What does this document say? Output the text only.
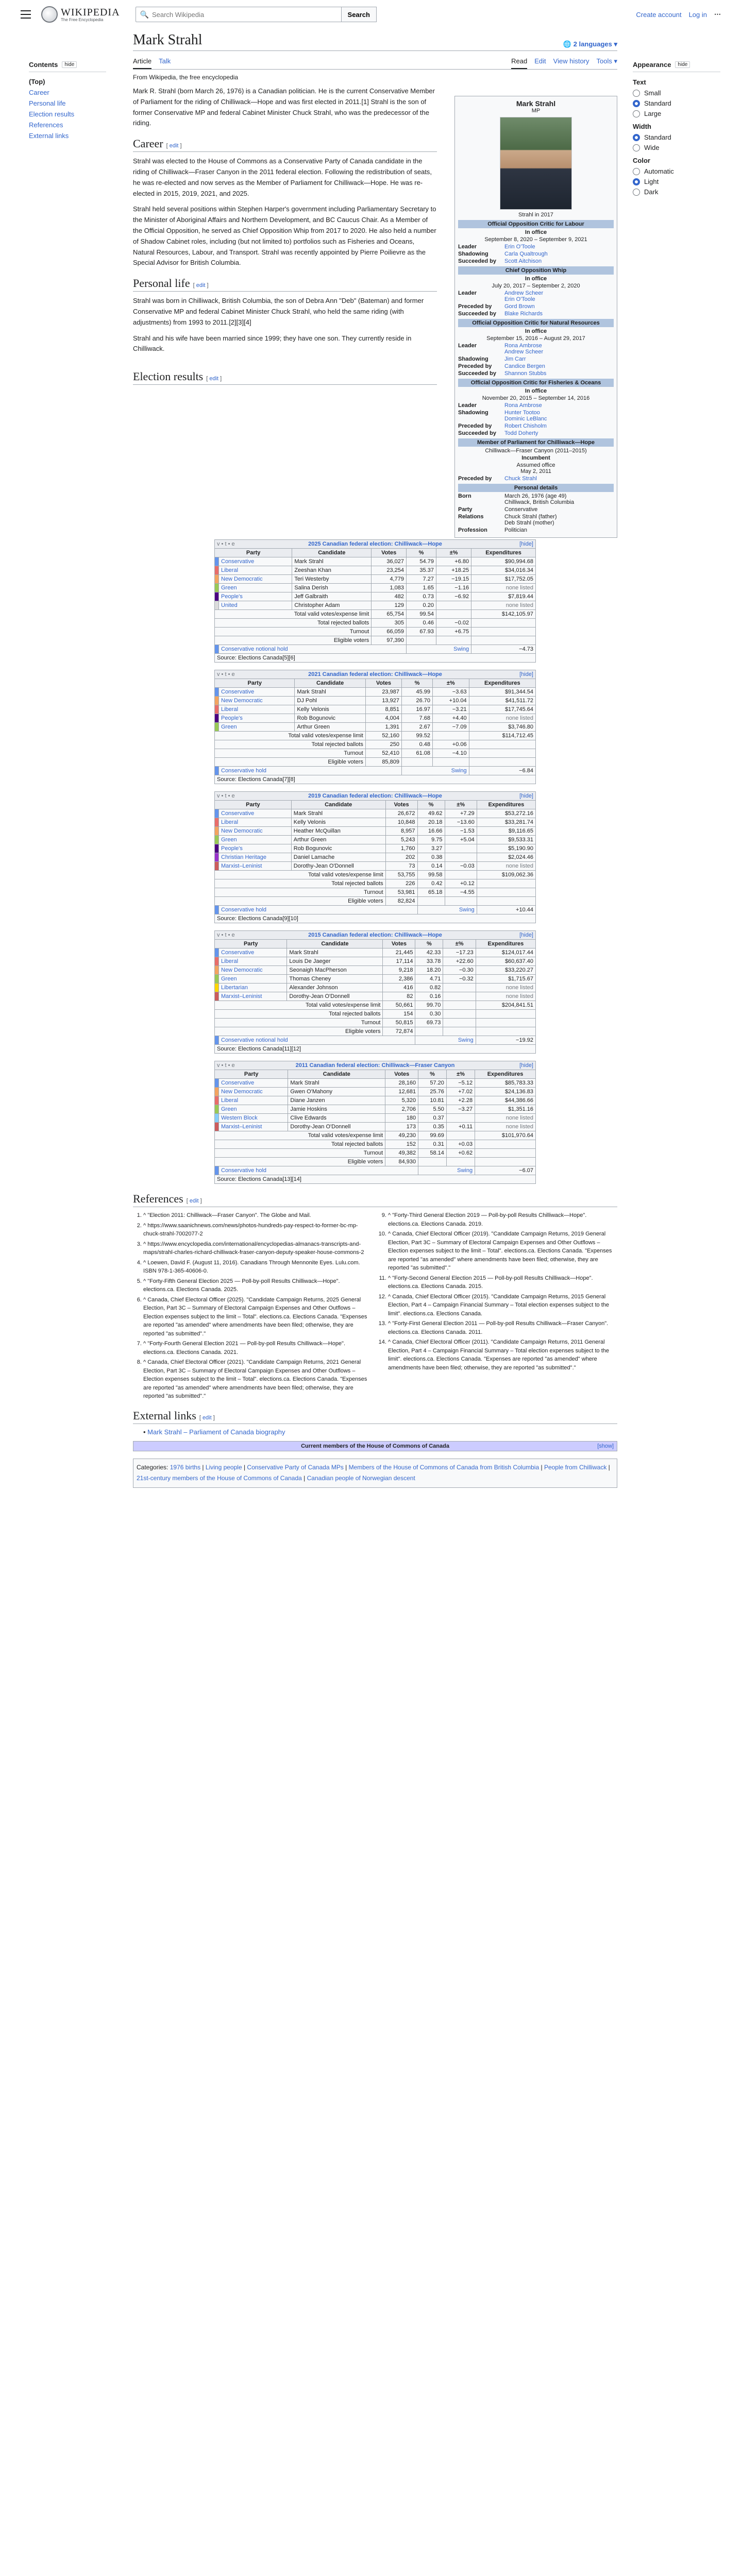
WIKIPEDIA
The Free Encyclopedia
🔍
Search Wikipedia	Search	Create account Log in ⋯
Contents	hide
(Top)
Career
Personal life
Election results
References
External links
Appearance	hide
Text
Small
Standard
Large
Width
Standard
Wide
Color
Automatic
Light
Dark
Mark Strahl	🌐 2 languages ▾
Article Talk	Read Edit View history Tools ▾
From Wikipedia, the free encyclopedia
Mark Strahl
MP
Strahl in 2017
Official Opposition Critic for Labour
In office
September 8, 2020 – September 9, 2021
Leader	Erin O'Toole
Shadowing	Carla Qualtrough
Succeeded by	Scott Aitchison
Chief Opposition Whip
In office
July 20, 2017 – September 2, 2020
Leader	Andrew Scheer
Erin O'Toole
Preceded by	Gord Brown
Succeeded by	Blake Richards
Official Opposition Critic for Natural Resources
In office
September 15, 2016 – August 29, 2017
Leader	Rona Ambrose
Andrew Scheer
Shadowing	Jim Carr
Preceded by	Candice Bergen
Succeeded by	Shannon Stubbs
Official Opposition Critic for Fisheries & Oceans
In office
November 20, 2015 – September 14, 2016
Leader	Rona Ambrose
Shadowing	Hunter Tootoo
Dominic LeBlanc
Preceded by	Robert Chisholm
Succeeded by	Todd Doherty
Member of Parliament for Chilliwack—Hope
Chilliwack—Fraser Canyon (2011–2015)
Incumbent
Assumed office
May 2, 2011
Preceded by	Chuck Strahl
Personal details
Born	March 26, 1976 (age 49)
Chilliwack, British Columbia
Party	Conservative
Relations	Chuck Strahl (father)
Deb Strahl (mother)
Profession	Politician

Mark R. Strahl (born March 26, 1976) is a Canadian politician. He is the current Conservative Member of Parliament for the riding of Chilliwack—Hope and was first elected in 2011.[1] Strahl is the son of former Conservative MP and federal Cabinet Minister Chuck Strahl, who was the predecessor of the riding.

Career [ edit ]

Strahl was elected to the House of Commons as a Conservative Party of Canada candidate in the riding of Chilliwack—Fraser Canyon in the 2011 federal election. Following the redistribution of seats, he was re-elected and now serves as the Member of Parliament for Chilliwack—Hope. He was re-elected in 2015, 2019, 2021, and 2025.

Strahl held several positions within Stephen Harper's government including Parliamentary Secretary to the Minister of Aboriginal Affairs and Northern Development, and BC Caucus Chair. As a Member of the Official Opposition, he served as Chief Opposition Whip from 2017 to 2020. He also held a number of Shadow Cabinet roles, including (but not limited to) portfolios such as Fisheries and Oceans, Natural Resources, Labour, and Transport. Strahl was recently appointed by Pierre Poilievre as the Special Advisor for British Columbia.

Personal life [ edit ]

Strahl was born in Chilliwack, British Columbia, the son of Debra Ann "Deb" (Bateman) and former Conservative MP and federal Cabinet Minister Chuck Strahl, who held the same riding (with adjustments) from 1993 to 2011.[2][3][4]

Strahl and his wife have been married since 1999; they have one son. They currently reside in Chilliwack.

Election results [ edit ]
v • t • e 2025 Canadian federal election: Chilliwack—Hope [hide]						

Party		Candidate	Votes	%	±%	Expenditures
	Conservative	Mark Strahl	36,027	54.79	+6.80	$90,994.68
	Liberal	Zeeshan Khan	23,254	35.37	+18.25	$34,016.34
	New Democratic	Teri Westerby	4,779	7.27	−19.15	$17,752.05
	Green	Salina Derish	1,083	1.65	−1.16	none listed
	People's	Jeff Galbraith	482	0.73	−6.92	$7,819.44
	United	Christopher Adam	129	0.20		none listed
Total valid votes/expense limit			65,754	99.54		$142,105.97
Total rejected ballots			305	0.46	−0.02	
Turnout			66,059	67.93	+6.75	
Eligible voters			97,390			
	Conservative notional hold			Swing		−4.73
Source: Elections Canada[5][6]
v • t • e 2021 Canadian federal election: Chilliwack—Hope [hide]						

Party		Candidate	Votes	%	±%	Expenditures
	Conservative	Mark Strahl	23,987	45.99	−3.63	$91,344.54
	New Democratic	DJ Pohl	13,927	26.70	+10.04	$41,511.72
	Liberal	Kelly Velonis	8,851	16.97	−3.21	$17,745.64
	People's	Rob Bogunovic	4,004	7.68	+4.40	none listed
	Green	Arthur Green	1,391	2.67	−7.09	$3,746.80
Total valid votes/expense limit			52,160	99.52		$114,712.45
Total rejected ballots			250	0.48	+0.06	
Turnout			52,410	61.08	−4.10	
Eligible voters			85,809			
	Conservative hold			Swing		−6.84
Source: Elections Canada[7][8]
v • t • e 2019 Canadian federal election: Chilliwack—Hope [hide]						

Party		Candidate	Votes	%	±%	Expenditures
	Conservative	Mark Strahl	26,672	49.62	+7.29	$53,272.16
	Liberal	Kelly Velonis	10,848	20.18	−13.60	$33,281.74
	New Democratic	Heather McQuillan	8,957	16.66	−1.53	$9,116.65
	Green	Arthur Green	5,243	9.75	+5.04	$9,533.31
	People's	Rob Bogunovic	1,760	3.27		$5,190.90
	Christian Heritage	Daniel Lamache	202	0.38		$2,024.46
	Marxist–Leninist	Dorothy-Jean O'Donnell	73	0.14	−0.03	none listed
Total valid votes/expense limit			53,755	99.58		$109,062.36
Total rejected ballots			226	0.42	+0.12	
Turnout			53,981	65.18	−4.55	
Eligible voters			82,824			
	Conservative hold			Swing		+10.44
Source: Elections Canada[9][10]
v • t • e 2015 Canadian federal election: Chilliwack—Hope [hide]						

Party		Candidate	Votes	%	±%	Expenditures
	Conservative	Mark Strahl	21,445	42.33	−17.23	$124,017.44
	Liberal	Louis De Jaeger	17,114	33.78	+22.60	$60,637.40
	New Democratic	Seonaigh MacPherson	9,218	18.20	−0.30	$33,220.27
	Green	Thomas Cheney	2,386	4.71	−0.32	$1,715.67
	Libertarian	Alexander Johnson	416	0.82		none listed
	Marxist–Leninist	Dorothy-Jean O'Donnell	82	0.16		none listed
Total valid votes/expense limit			50,661	99.70		$204,841.51
Total rejected ballots			154	0.30		
Turnout			50,815	69.73		
Eligible voters			72,874			
	Conservative notional hold			Swing		−19.92
Source: Elections Canada[11][12]
v • t • e 2011 Canadian federal election: Chilliwack—Fraser Canyon [hide]						

Party		Candidate	Votes	%	±%	Expenditures
	Conservative	Mark Strahl	28,160	57.20	−5.12	$85,783.33
	New Democratic	Gwen O'Mahony	12,681	25.76	+7.02	$24,136.83
	Liberal	Diane Janzen	5,320	10.81	+2.28	$44,386.66
	Green	Jamie Hoskins	2,706	5.50	−3.27	$1,351.16
	Western Block	Clive Edwards	180	0.37		none listed
	Marxist–Leninist	Dorothy-Jean O'Donnell	173	0.35	+0.11	none listed
Total valid votes/expense limit			49,230	99.69		$101,970.64
Total rejected ballots			152	0.31	+0.03	
Turnout			49,382	58.14	+0.62	
Eligible voters			84,930			
	Conservative hold			Swing		−6.07
Source: Elections Canada[13][14]
References [ edit ]
1. ^ "Election 2011: Chilliwack—Fraser Canyon". The Globe and Mail.
2. ^ https://www.saanichnews.com/news/photos-hundreds-pay-respect-to-former-bc-mp-chuck-strahl-7002077-2
3. ^ https://www.encyclopedia.com/international/encyclopedias-almanacs-transcripts-and-maps/strahl-charles-richard-chilliwack-fraser-canyon-deputy-speaker-house-commons-2
4. ^ Loewen, David F. (August 11, 2016). Canadians Through Mennonite Eyes. Lulu.com. ISBN 978-1-365-40606-0.
5. ^ "Forty-Fifth General Election 2025 — Poll-by-poll Results Chilliwack—Hope". elections.ca. Elections Canada. 2025.
6. ^ Canada, Chief Electoral Officer (2025). "Candidate Campaign Returns, 2025 General Election, Part 3C – Summary of Electoral Campaign Expenses and Other Outflows – Election expenses subject to the limit – Total". elections.ca. Elections Canada. "Expenses are reported "as amended" where amendments have been filed; otherwise, they are reported "as submitted"."
7. ^ "Forty-Fourth General Election 2021 — Poll-by-poll Results Chilliwack—Hope". elections.ca. Elections Canada. 2021.
8. ^ Canada, Chief Electoral Officer (2021). "Candidate Campaign Returns, 2021 General Election, Part 3C – Summary of Electoral Campaign Expenses and Other Outflows – Election expenses subject to the limit – Total". elections.ca. Elections Canada. "Expenses are reported "as amended" where amendments have been filed; otherwise, they are reported "as submitted"."
9. ^ "Forty-Third General Election 2019 — Poll-by-poll Results Chilliwack—Hope". elections.ca. Elections Canada. 2019.
10. ^ Canada, Chief Electoral Officer (2019). "Candidate Campaign Returns, 2019 General Election, Part 3C – Summary of Electoral Campaign Expenses and Other Outflows – Election expenses subject to the limit – Total". elections.ca. Elections Canada. "Expenses are reported "as amended" where amendments have been filed; otherwise, they are reported "as submitted"."
11. ^ "Forty-Second General Election 2015 — Poll-by-poll Results Chilliwack—Hope". elections.ca. Elections Canada. 2015.
12. ^ Canada, Chief Electoral Officer (2015). "Candidate Campaign Returns, 2015 General Election, Part 4 – Campaign Financial Summary – Total election expenses subject to the limit". elections.ca. Elections Canada.
13. ^ "Forty-First General Election 2011 — Poll-by-poll Results Chilliwack—Fraser Canyon". elections.ca. Elections Canada. 2011.
14. ^ Canada, Chief Electoral Officer (2011). "Candidate Campaign Returns, 2011 General Election, Part 4 – Campaign Financial Summary – Total election expenses subject to the limit". elections.ca. Elections Canada. "Expenses are reported "as amended" where amendments have been filed; otherwise, they are reported "as submitted"."
External links [ edit ]
• Mark Strahl – Parliament of Canada biography
Current members of the House of Commons of Canada	[show]
Categories: 1976 births | Living people | Conservative Party of Canada MPs | Members of the House of Commons of Canada from British Columbia | People from Chilliwack | 21st-century members of the House of Commons of Canada | Canadian people of Norwegian descent
